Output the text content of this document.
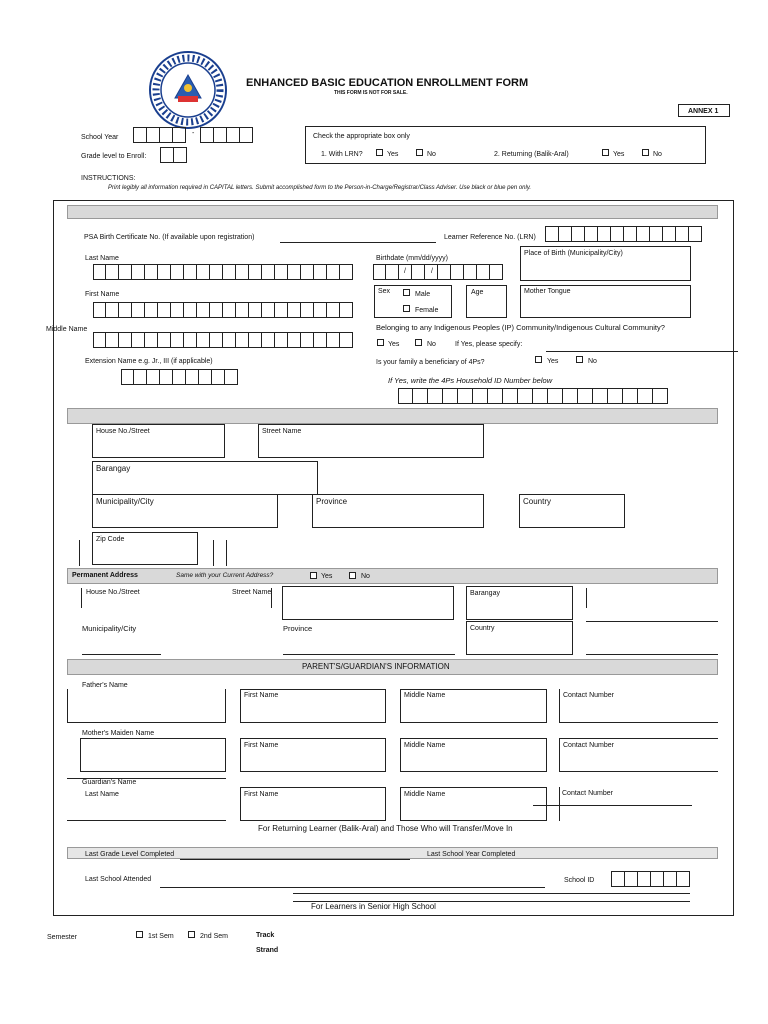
ENHANCED BASIC EDUCATION ENROLLMENT FORM
THIS FORM IS NOT FOR SALE.
ANNEX 1
School Year
-
Grade level to Enroll:
Check the appropriate box only
1. With LRN?	Yes	No	2. Returning (Balik-Aral)	Yes	No
INSTRUCTIONS:
Print legibly all information required in CAPITAL letters. Submit accomplished form to the Person-in-Charge/Registrar/Class Adviser. Use black or blue pen only.
PSA Birth Certificate No. (If available upon registration)	Learner Reference No. (LRN)
Last Name
First Name
Middle Name
Extension Name e.g. Jr., III (if applicable)
Birthdate (mm/dd/yyyy)
/	/
Place of Birth (Municipality/City)
Sex	Male
Female
Age	Mother Tongue
Belonging to any Indigenous Peoples (IP) Community/Indigenous Cultural Community?
Yes	No	If Yes, please specify:
Is your family a beneficiary of 4Ps?	Yes	No
If Yes, write the 4Ps Household ID Number below
House No./Street	Street Name
Barangay
Municipality/City	Province	Country
Zip Code
Permanent Address	Same with your Current Address?	Yes	No
House No./Street	Street Name	Barangay
Municipality/City	Province	Country
PARENT'S/GUARDIAN'S INFORMATION
Father's Name
First Name	Middle Name	Contact Number
Mother's Maiden Name
First Name	Middle Name	Contact Number
Guardian's Name
Last Name	First Name	Middle Name	Contact Number
For Returning Learner (Balik-Aral) and Those Who will Transfer/Move In
Last Grade Level Completed	Last School Year Completed
Last School Attended	School ID
For Learners in Senior High School
Semester	1st Sem	2nd Sem	Track
Strand
